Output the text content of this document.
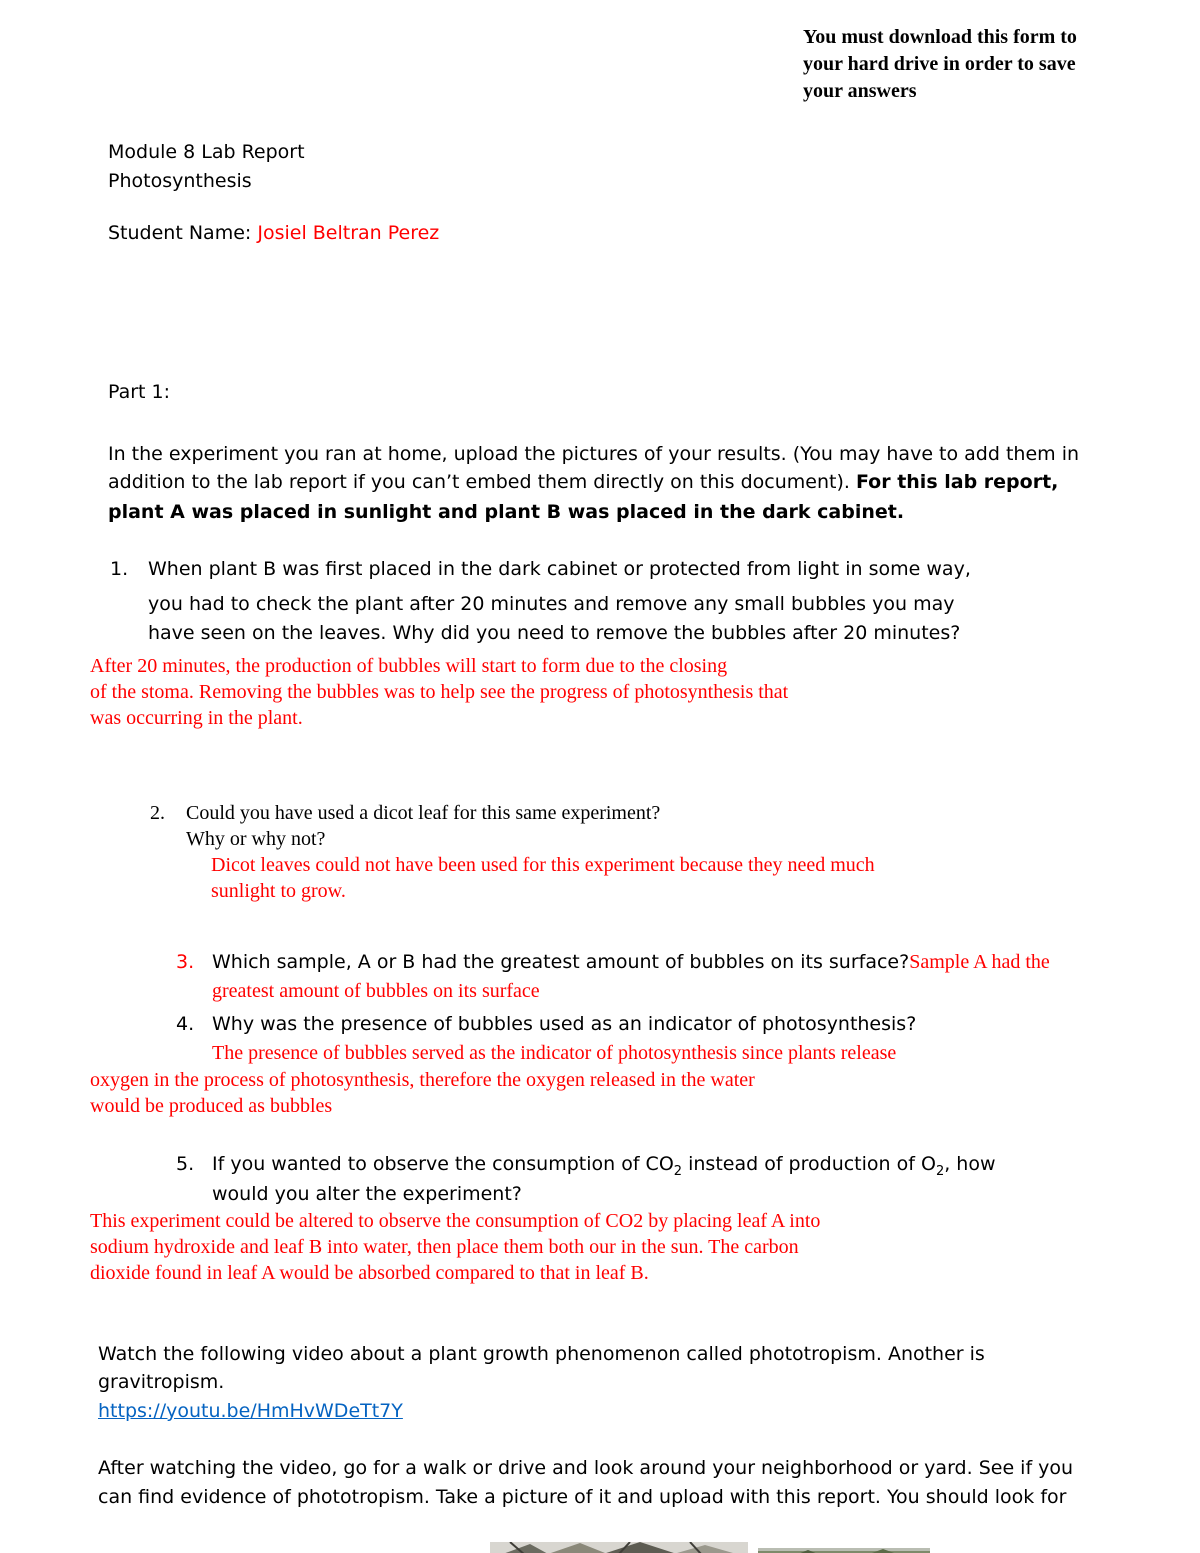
You must download this form to
your hard drive in order to save
your answers
Module 8 Lab Report
Photosynthesis
Student Name: Josiel Beltran Perez
Part 1:
In the experiment you ran at home, upload the pictures of your results. (You may have to add them in
addition to the lab report if you can’t embed them directly on this document). For this lab report,
plant A was placed in sunlight and plant B was placed in the dark cabinet.
1. When plant B was first placed in the dark cabinet or protected from light in some way,
you had to check the plant after 20 minutes and remove any small bubbles you may
have seen on the leaves. Why did you need to remove the bubbles after 20 minutes?
After 20 minutes, the production of bubbles will start to form due to the closing
of the stoma. Removing the bubbles was to help see the progress of photosynthesis that
was occurring in the plant.
2. Could you have used a dicot leaf for this same experiment?
Why or why not?
Dicot leaves could not have been used for this experiment because they need much
sunlight to grow.
3. Which sample, A or B had the greatest amount of bubbles on its surface?Sample A had the
greatest amount of bubbles on its surface
4. Why was the presence of bubbles used as an indicator of photosynthesis?
The presence of bubbles served as the indicator of photosynthesis since plants release
oxygen in the process of photosynthesis, therefore the oxygen released in the water
would be produced as bubbles
5. If you wanted to observe the consumption of $CO_2$ instead of production of $O_2$, how
would you alter the experiment?
This experiment could be altered to observe the consumption of CO2 by placing leaf A into
sodium hydroxide and leaf B into water, then place them both our in the sun. The carbon
dioxide found in leaf A would be absorbed compared to that in leaf B.
Watch the following video about a plant growth phenomenon called phototropism. Another is
gravitropism.
https://youtu.be/HmHvWDeTt7Y
After watching the video, go for a walk or drive and look around your neighborhood or yard. See if you
can find evidence of phototropism. Take a picture of it and upload with this report. You should look for
